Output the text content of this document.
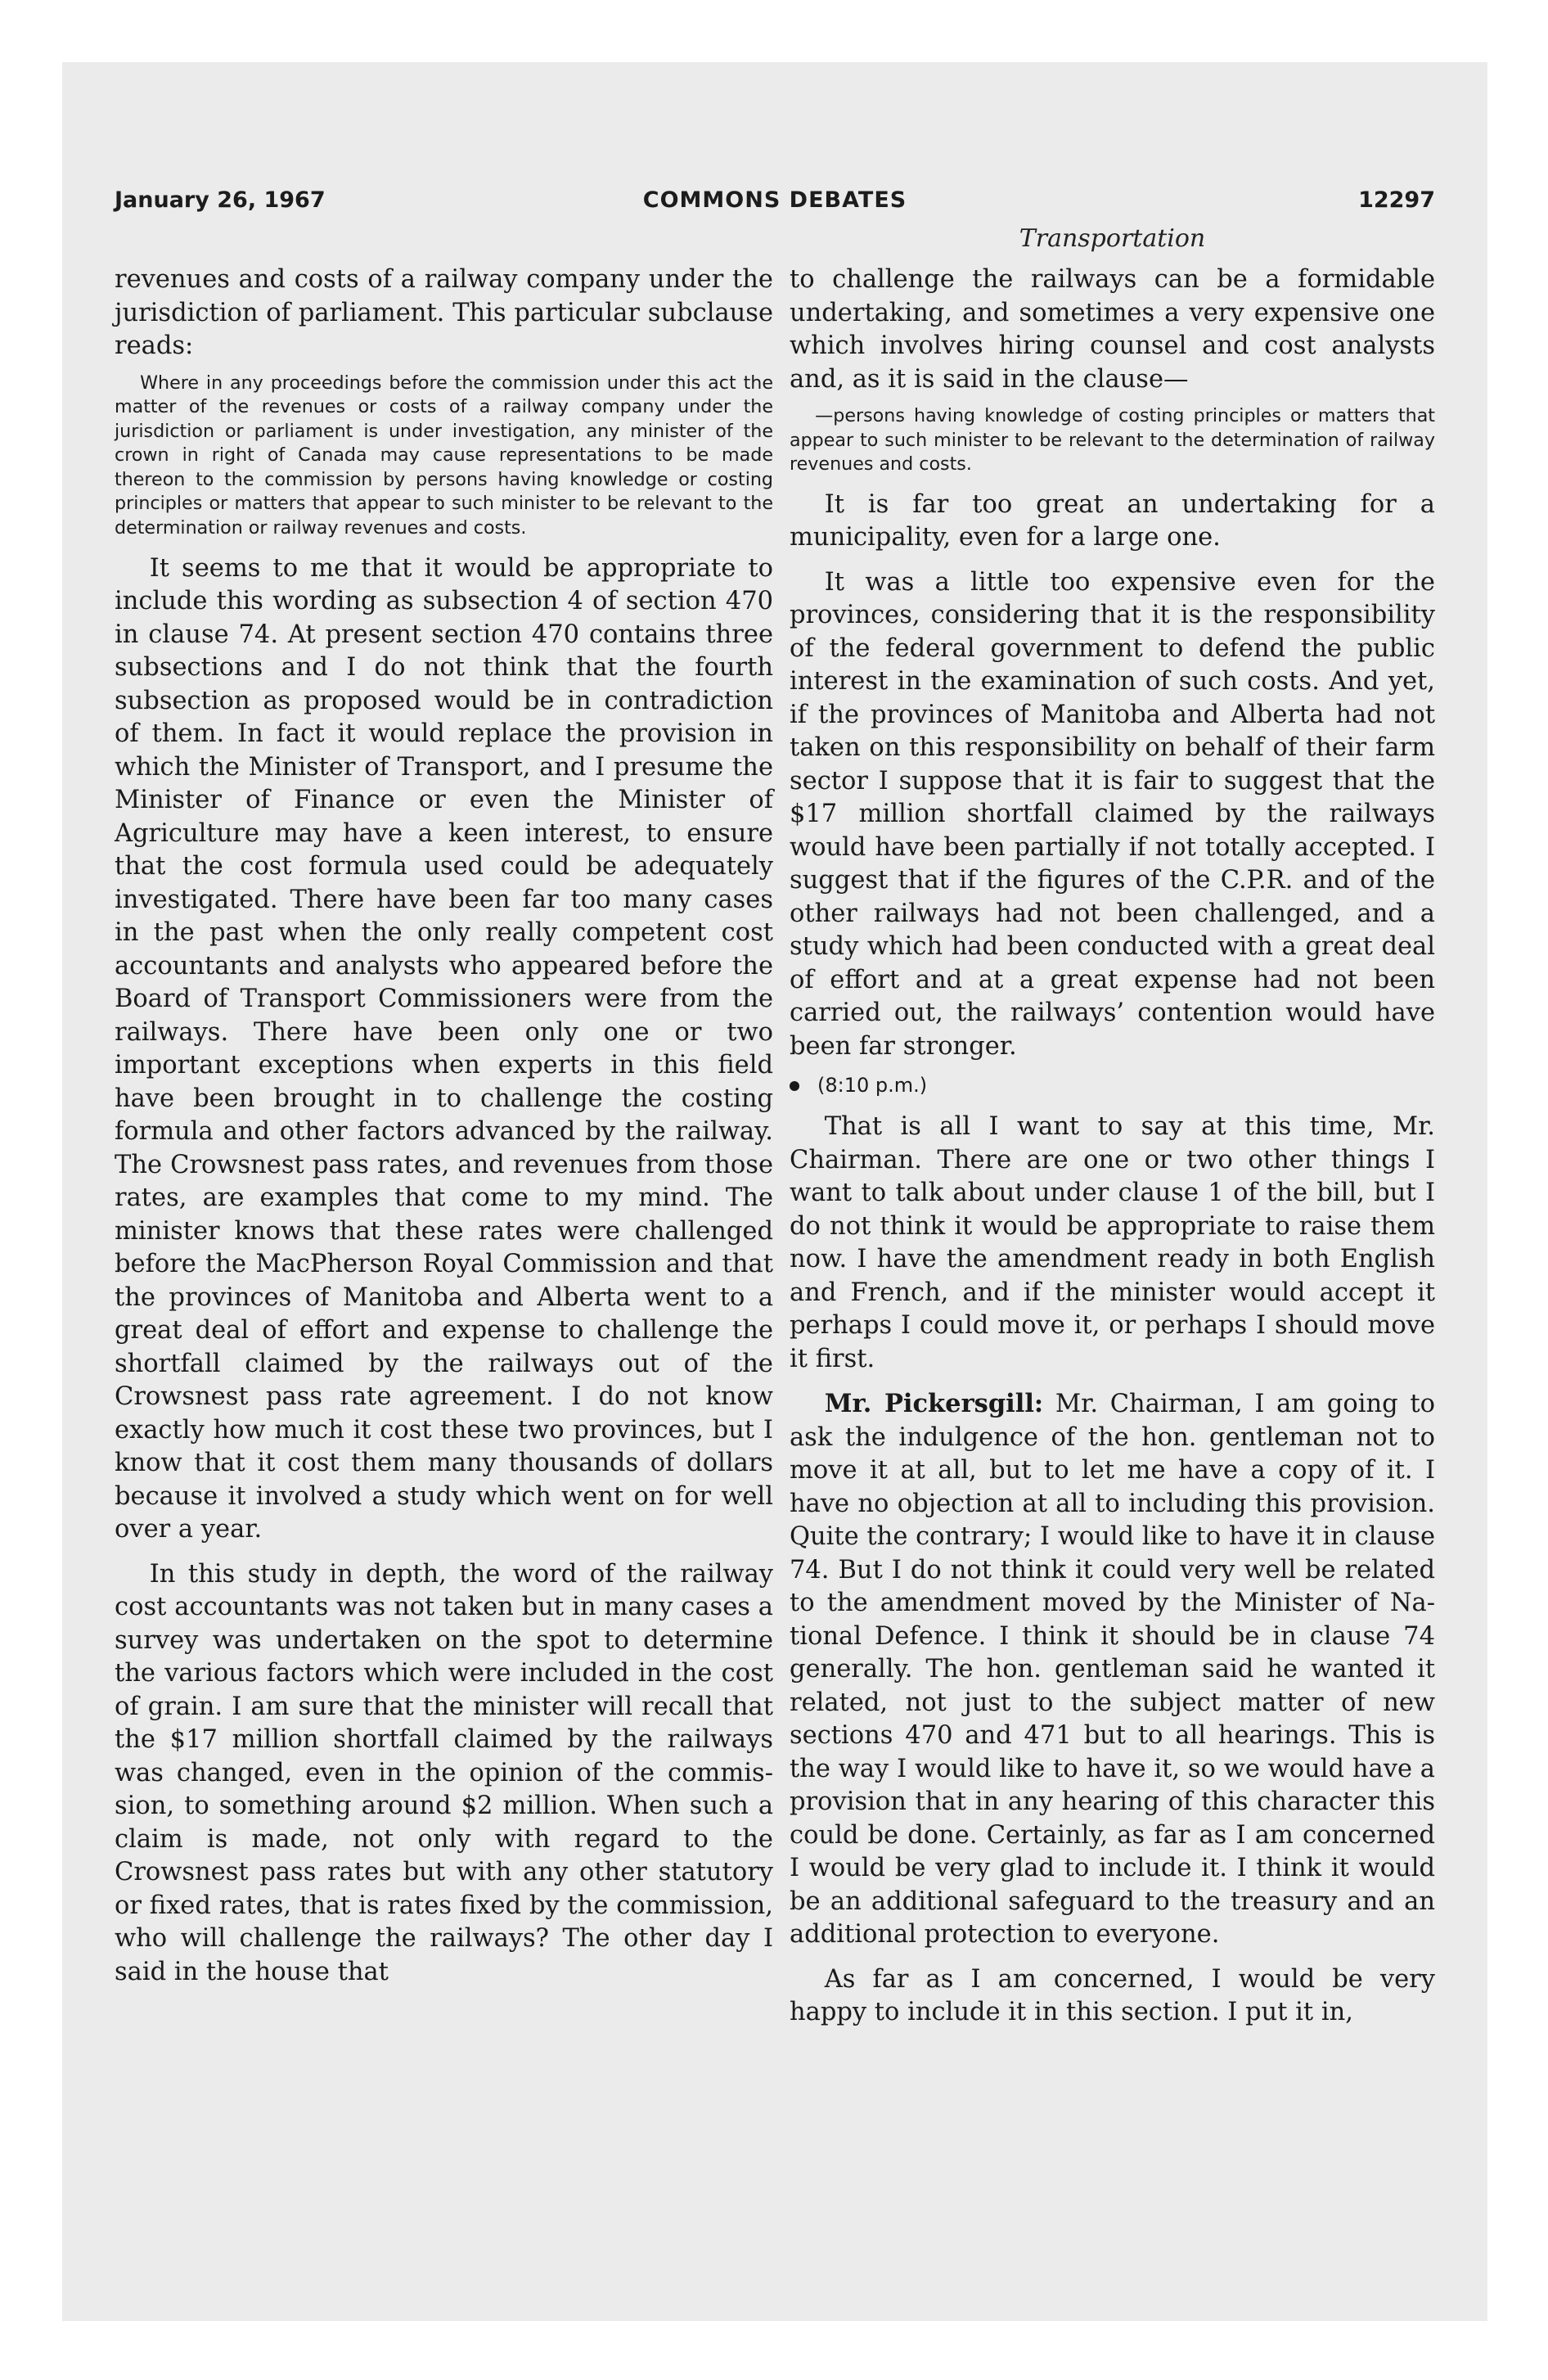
January 26, 1967	COMMONS DEBATES	12297
Transportation

revenues and costs of a railway company under the jurisdiction of parliament. This particular subclause reads:

Where in any proceedings before the commission under this act the matter of the revenues or costs of a railway company under the jurisdiction or parliament is under investigation, any minister of the crown in right of Canada may cause representations to be made thereon to the commission by persons having knowledge or costing principles or matters that appear to such minister to be relevant to the determination or railway revenues and costs.

It seems to me that it would be appropriate to include this wording as subsection 4 of section 470 in clause 74. At present section 470 contains three subsections and I do not think that the fourth subsection as proposed would be in contradiction of them. In fact it would replace the provision in which the Minister of Transport, and I presume the Minister of Finance or even the Minister of Agriculture may have a keen interest, to ensure that the cost formula used could be adequately investigated. There have been far too many cases in the past when the only really competent cost accountants and analysts who appeared before the Board of Transport Commissioners were from the railways. There have been only one or two important exceptions when experts in this field have been brought in to challenge the costing formula and other factors advanced by the railway. The Crowsnest pass rates, and revenues from those rates, are examples that come to my mind. The minister knows that these rates were challenged before the MacPherson Royal Commission and that the provinces of Manitoba and Alberta went to a great deal of effort and expense to challenge the shortfall claimed by the railways out of the Crowsnest pass rate agreement. I do not know exactly how much it cost these two provinces, but I know that it cost them many thousands of dollars because it involved a study which went on for well over a year.

In this study in depth, the word of the railway cost accountants was not taken but in many cases a survey was undertaken on the spot to determine the various factors which were included in the cost of grain. I am sure that the minister will recall that the $17 million shortfall claimed by the railways was changed, even in the opinion of the commission, to something around $2 million. When such a claim is made, not only with regard to the Crowsnest pass rates but with any other statutory or fixed rates, that is rates fixed by the commission, who will challenge the railways? The other day I said in the house that

to challenge the railways can be a formidable undertaking, and sometimes a very expensive one which involves hiring counsel and cost analysts and, as it is said in the clause—

—persons having knowledge of costing principles or matters that appear to such minister to be relevant to the determination of railway revenues and costs.

It is far too great an undertaking for a municipality, even for a large one.

It was a little too expensive even for the provinces, considering that it is the responsibility of the federal government to defend the public interest in the examination of such costs. And yet, if the provinces of Manitoba and Alberta had not taken on this responsibility on behalf of their farm sector I suppose that it is fair to suggest that the $17 million shortfall claimed by the railways would have been partially if not totally accepted. I suggest that if the figures of the C.P.R. and of the other railways had not been challenged, and a study which had been conducted with a great deal of effort and at a great expense had not been carried out, the railways’ contention would have been far stronger.

(8:10 p.m.)

That is all I want to say at this time, Mr. Chairman. There are one or two other things I want to talk about under clause 1 of the bill, but I do not think it would be appropriate to raise them now. I have the amendment ready in both English and French, and if the minister would accept it perhaps I could move it, or perhaps I should move it first.

Mr. Pickersgill: Mr. Chairman, I am going to ask the indulgence of the hon. gentleman not to move it at all, but to let me have a copy of it. I have no objection at all to including this provision. Quite the contrary; I would like to have it in clause 74. But I do not think it could very well be related to the amendment moved by the Minister of National Defence. I think it should be in clause 74 generally. The hon. gentleman said he wanted it related, not just to the subject matter of new sections 470 and 471 but to all hearings. This is the way I would like to have it, so we would have a provision that in any hearing of this character this could be done. Certainly, as far as I am concerned I would be very glad to include it. I think it would be an additional safeguard to the treasury and an additional protection to everyone.

As far as I am concerned, I would be very happy to include it in this section. I put it in,
